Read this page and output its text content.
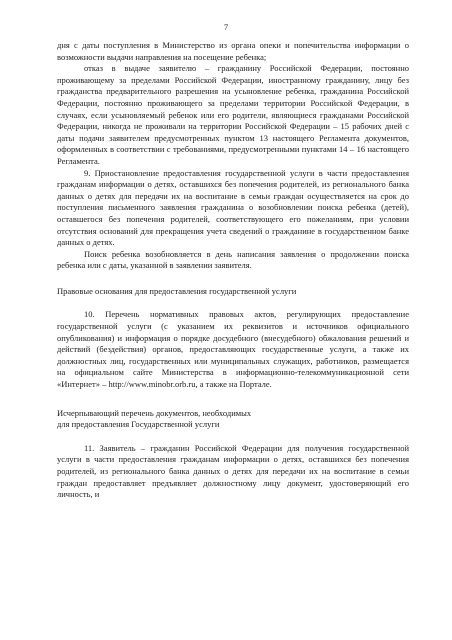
7

дня с даты поступления в Министерство из органа опеки и попечительства информации о возможности выдачи направления на посещение ребенка;

отказ в выдаче заявителю – гражданину Российской Федерации, постоянно проживающему за пределами Российской Федерации, иностранному гражданину, лицу без гражданства предварительного разрешения на усыновление ребенка, гражданина Российской Федерации, постоянно проживающего за пределами территории Российской Федерации, в случаях, если усыновляемый ребенок или его родители, являющиеся гражданами Российской Федерации, никогда не проживали на территории Российской Федерации – 15 рабочих дней с даты подачи заявителем предусмотренных пунктом 13 настоящего Регламента документов, оформленных в соответствии с требованиями, предусмотренными пунктами 14 – 16 настоящего Регламента.

9. Приостановление предоставления государственной услуги в части предоставления гражданам информации о детях, оставшихся без попечения родителей, из регионального банка данных о детях для передачи их на воспитание в семьи граждан осуществляется на срок до поступления письменного заявления гражданина о возобновлении поиска ребенка (детей), оставшегося без попечения родителей, соответствующего его пожеланиям, при условии отсутствия оснований для прекращения учета сведений о гражданине в государственном банке данных о детях.

Поиск ребенка возобновляется в день написания заявления о продолжении поиска ребенка или с даты, указанной в заявлении заявителя.

Правовые основания для предоставления государственной услуги

10. Перечень нормативных правовых актов, регулирующих предоставление государственной услуги (с указанием их реквизитов и источников официального опубликования) и информация о порядке досудебного (внесудебного) обжалования решений и действий (бездействия) органов, предоставляющих государственные услуги, а также их должностных лиц, государственных или муниципальных служащих, работников, размещается на официальном сайте Министерства в информационно-телекоммуникационной сети «Интернет» – http://www.minobr.orb.ru, а также на Портале.

Исчерпывающий перечень документов, необходимых

для предоставления Государственной услуги

11. Заявитель – гражданин Российской Федерации для получения государственной услуги в части предоставления гражданам информации о детях, оставшихся без попечения родителей, из регионального банка данных о детях для передачи их на воспитание в семьи граждан предоставляет предъявляет должностному лицу документ, удостоверяющий его личность, и
